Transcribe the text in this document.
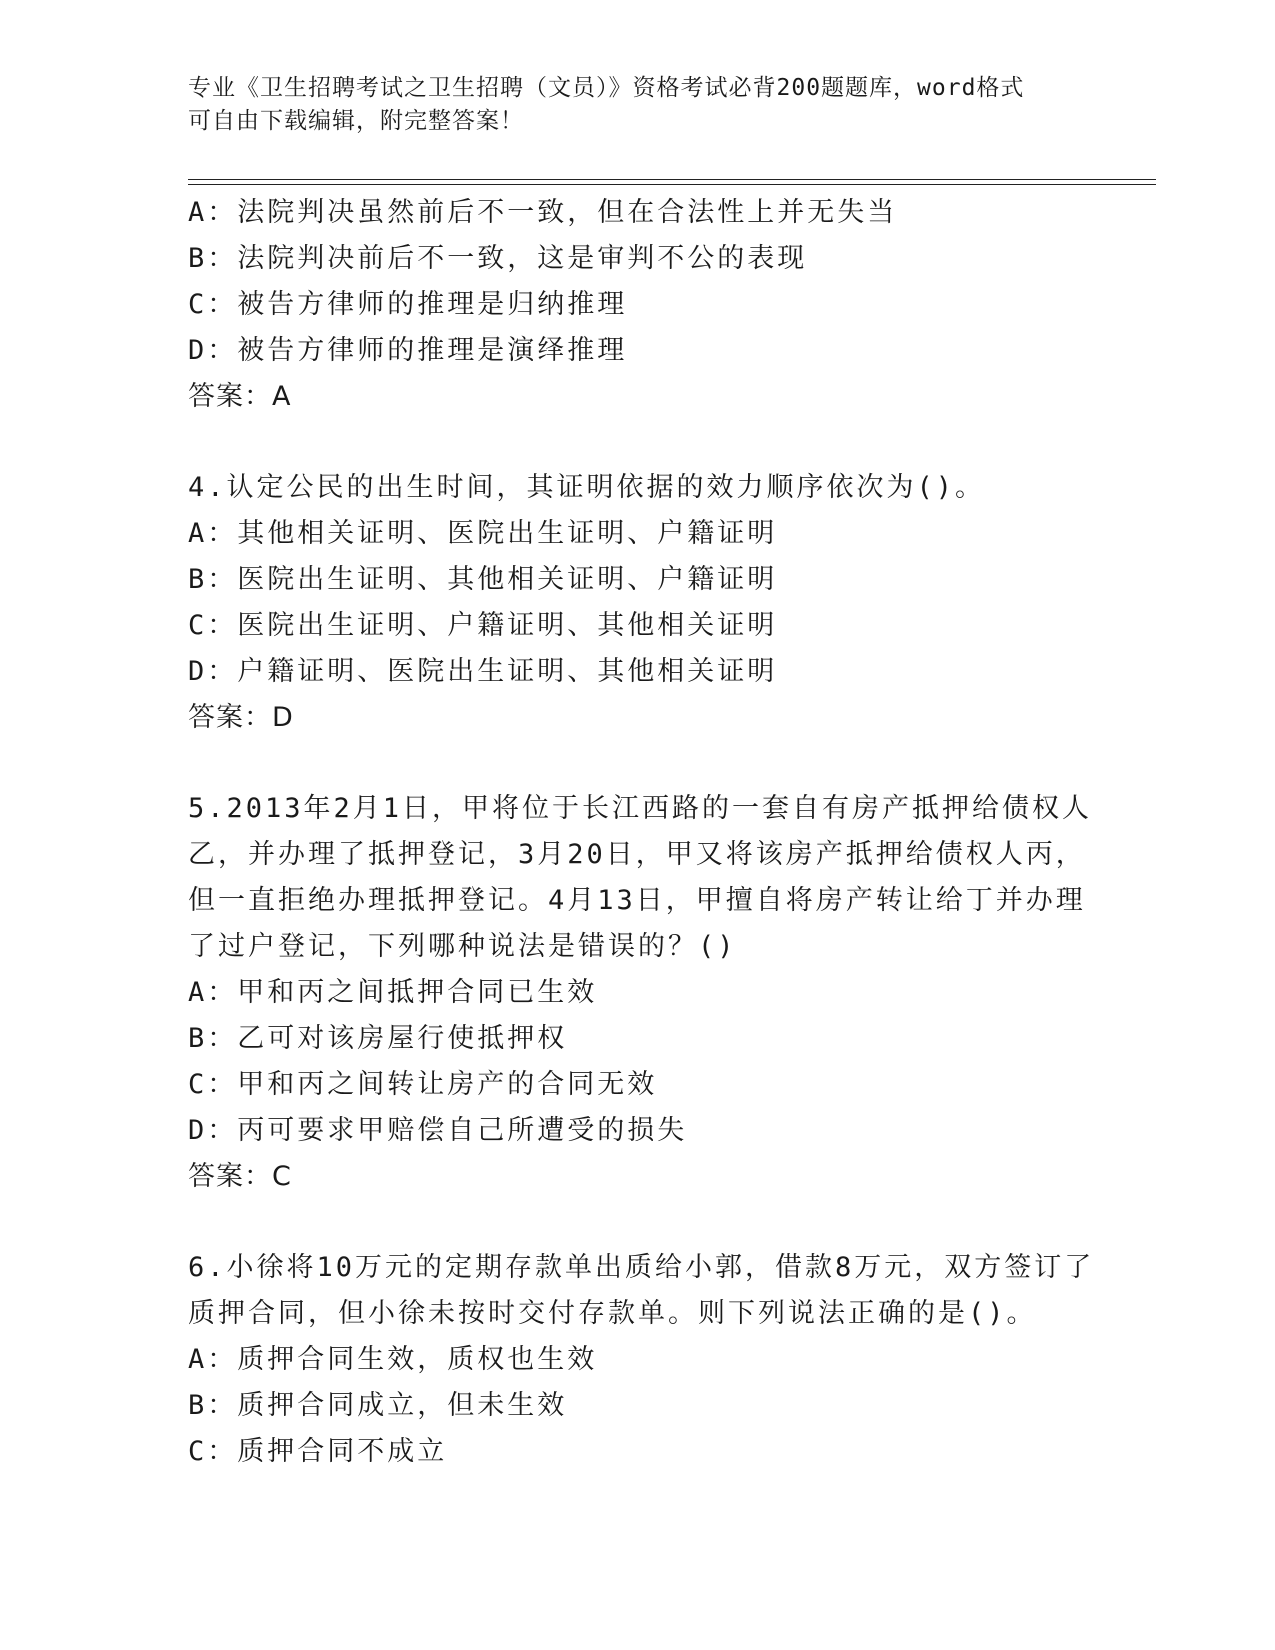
专业《卫生招聘考试之卫生招聘（文员）》资格考试必背200题题库，word格式
可自由下载编辑，附完整答案！
A：法院判决虽然前后不一致，但在合法性上并无失当
B：法院判决前后不一致，这是审判不公的表现
C：被告方律师的推理是归纳推理
D：被告方律师的推理是演绎推理
答案：A
4.认定公民的出生时间，其证明依据的效力顺序依次为()。
A：其他相关证明、医院出生证明、户籍证明
B：医院出生证明、其他相关证明、户籍证明
C：医院出生证明、户籍证明、其他相关证明
D：户籍证明、医院出生证明、其他相关证明
答案：D
5.2013年2月1日，甲将位于长江西路的一套自有房产抵押给债权人
乙，并办理了抵押登记，3月20日，甲又将该房产抵押给债权人丙，
但一直拒绝办理抵押登记。4月13日，甲擅自将房产转让给丁并办理
了过户登记，下列哪种说法是错误的？()
A：甲和丙之间抵押合同已生效
B：乙可对该房屋行使抵押权
C：甲和丙之间转让房产的合同无效
D：丙可要求甲赔偿自己所遭受的损失
答案：C
6.小徐将10万元的定期存款单出质给小郭，借款8万元，双方签订了
质押合同，但小徐未按时交付存款单。则下列说法正确的是()。
A：质押合同生效，质权也生效
B：质押合同成立，但未生效
C：质押合同不成立
